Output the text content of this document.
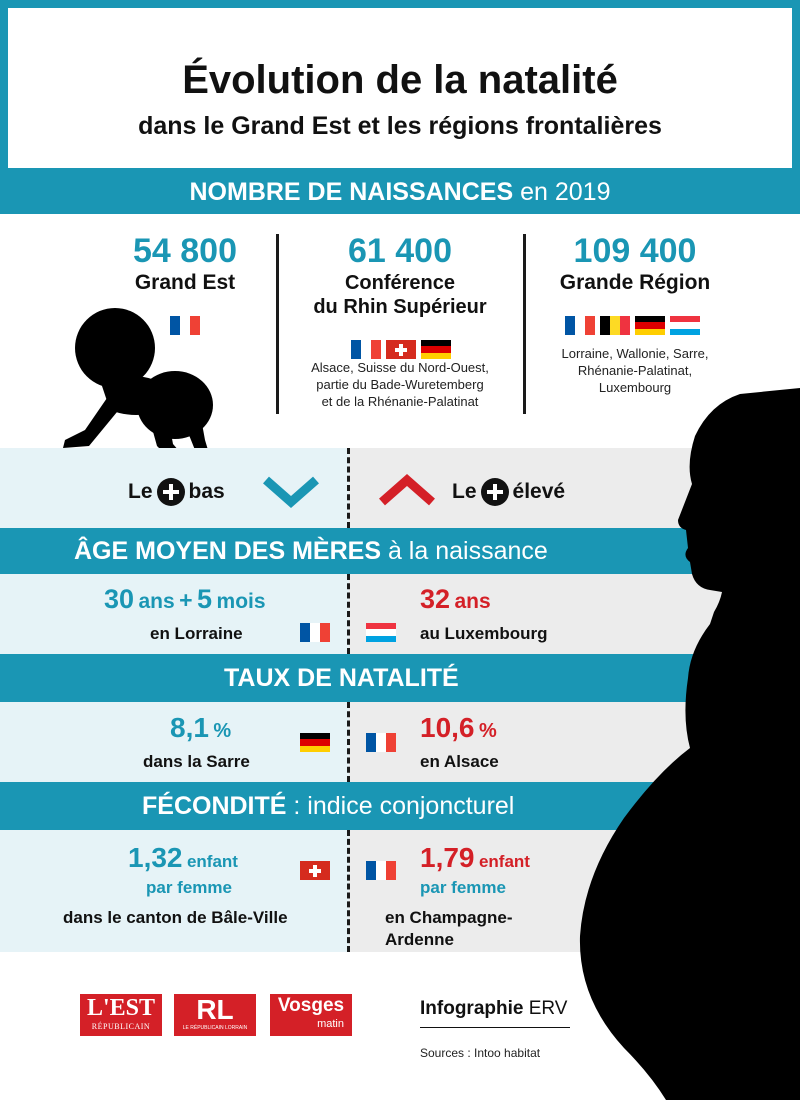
Évolution de la natalité
dans le Grand Est et les régions frontalières
NOMBRE DE NAISSANCES en 2019
54 800
Grand Est
61 400
Conférence
du Rhin Supérieur
Alsace, Suisse du Nord-Ouest,
partie du Bade-Wuretemberg
et de la Rhénanie-Palatinat
109 400
Grande Région
Lorraine, Wallonie, Sarre,
Rhénanie-Palatinat,
Luxembourg
Le bas	Le élevé
ÂGE MOYEN DES MÈRES à la naissance
30 ans + 5 mois
en Lorraine
32 ans
au Luxembourg
TAUX DE NATALITÉ
8,1 %
dans la Sarre
10,6 %
en Alsace
FÉCONDITÉ : indice conjoncturel
1,32 enfant
par femme
dans le canton de Bâle-Ville
1,79 enfant
par femme
en Champagne-
Ardenne
L'EST
RÉPUBLICAIN
RL
LE RÉPUBLICAIN LORRAIN
Vosges
matin
Infographie ERV
Sources : Intoo habitat
